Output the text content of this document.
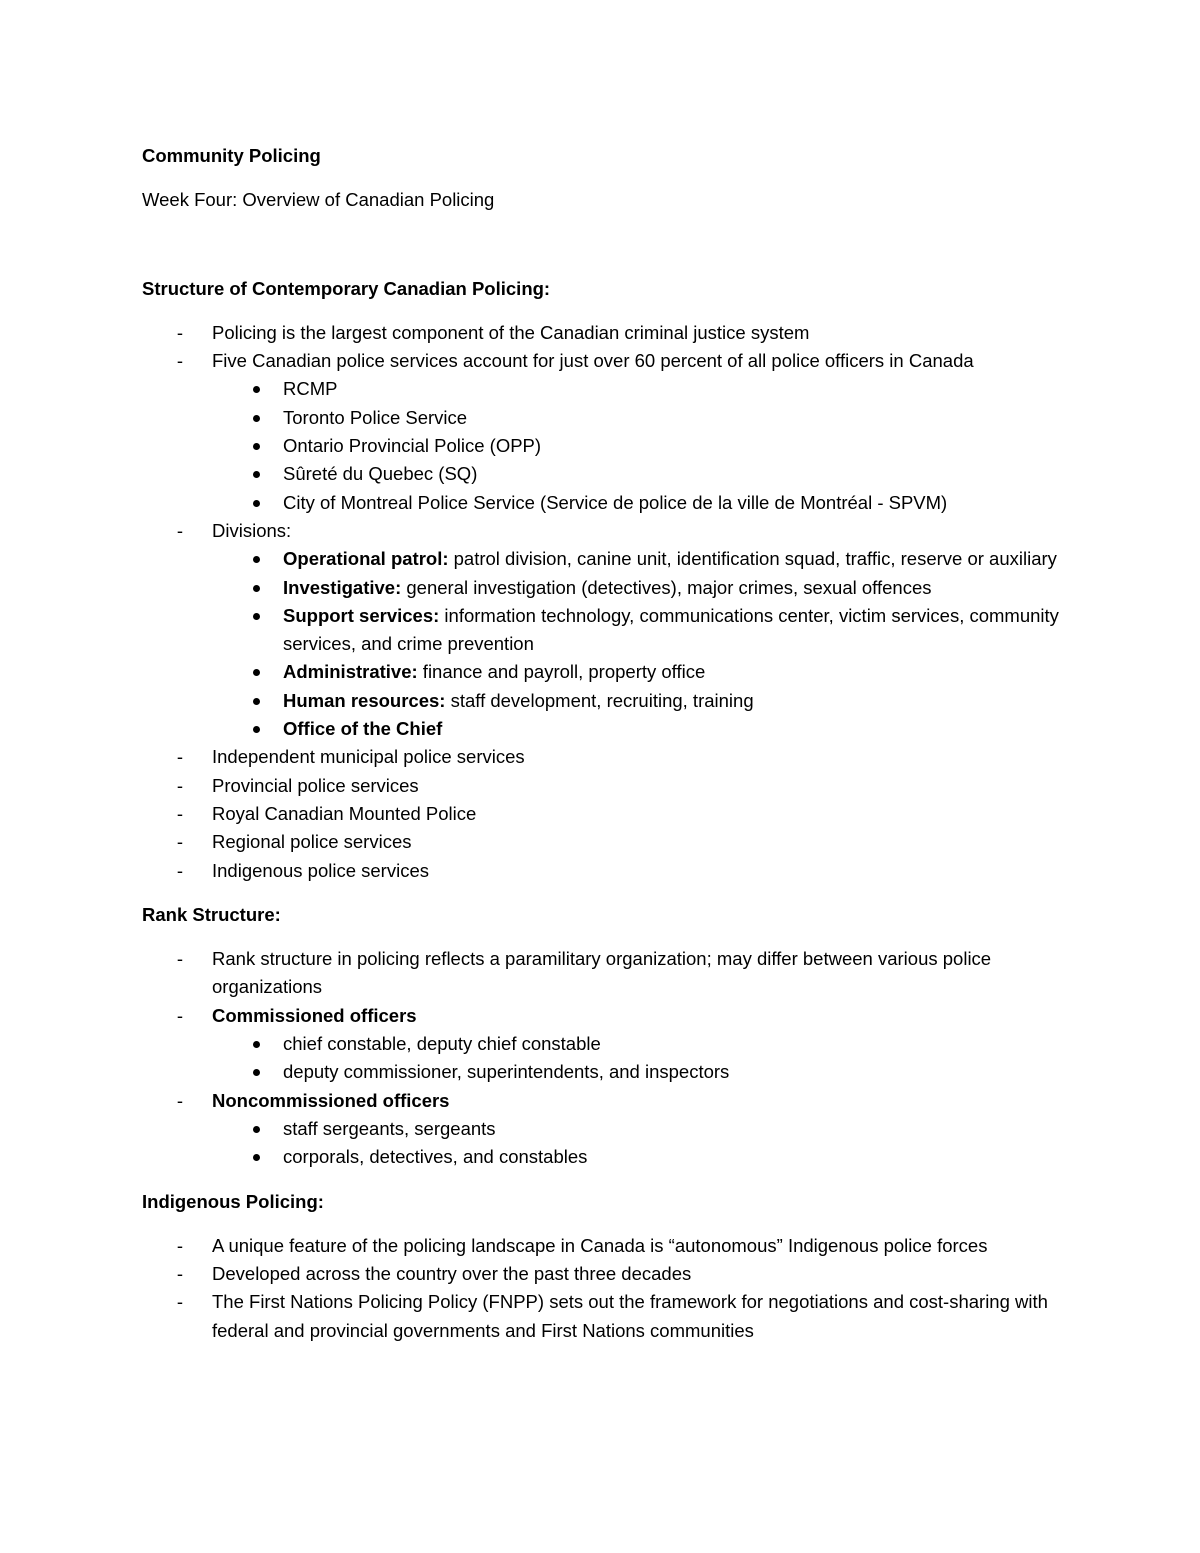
Community Policing
Week Four: Overview of Canadian Policing
Structure of Contemporary Canadian Policing:
- Policing is the largest component of the Canadian criminal justice system
- Five Canadian police services account for just over 60 percent of all police officers in Canada
RCMP
Toronto Police Service
Ontario Provincial Police (OPP)
Sûreté du Quebec (SQ)
City of Montreal Police Service (Service de police de la ville de Montréal - SPVM)
- Divisions:
Operational patrol: patrol division, canine unit, identification squad, traffic, reserve or auxiliary
Investigative: general investigation (detectives), major crimes, sexual offences
Support services: information technology, communications center, victim services, community services, and crime prevention
Administrative: finance and payroll, property office
Human resources: staff development, recruiting, training
Office of the Chief
- Independent municipal police services
- Provincial police services
- Royal Canadian Mounted Police
- Regional police services
- Indigenous police services
Rank Structure:
- Rank structure in policing reflects a paramilitary organization; may differ between various police organizations
- Commissioned officers
chief constable, deputy chief constable
deputy commissioner, superintendents, and inspectors
- Noncommissioned officers
staff sergeants, sergeants
corporals, detectives, and constables
Indigenous Policing:
- A unique feature of the policing landscape in Canada is “autonomous” Indigenous police forces
- Developed across the country over the past three decades
- The First Nations Policing Policy (FNPP) sets out the framework for negotiations and cost-sharing with federal and provincial governments and First Nations communities
